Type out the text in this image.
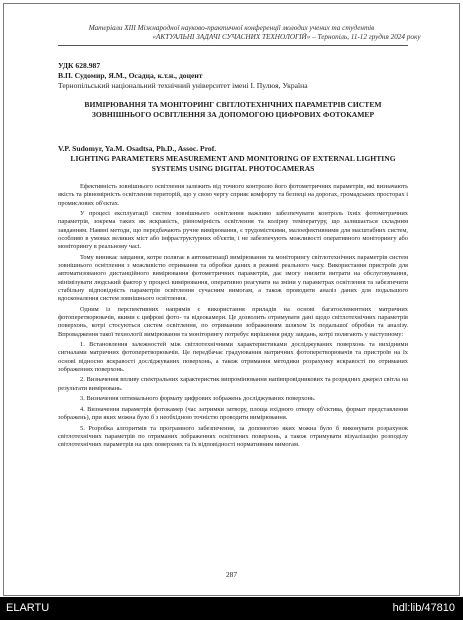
Матеріали XIII Міжнародної науково-практичної конференції молодих учених та студентів

«АКТУАЛЬНІ ЗАДАЧІ СУЧАСНИХ ТЕХНОЛОГІЙ» – Тернопіль, 11-12 грудня 2024 року
УДК 628.987
В.П. Судомир, Я.М., Осадца, к.т.н., доцент
Тернопільський національний технічний університет імені І. Пулюя, Україна
ВИМІРЮВАННЯ ТА МОНІТОРИНГ СВІТЛОТЕХНІЧНИХ ПАРАМЕТРІВ СИСТЕМ ЗОВНІШНЬОГО ОСВІТЛЕННЯ ЗА ДОПОМОГОЮ ЦИФРОВИХ ФОТОКАМЕР
V.P. Sudomyr, Ya.M. Osadtsa, Ph.D., Assoc. Prof.
LIGHTING PARAMETERS MEASUREMENT AND MONITORING OF EXTERNAL LIGHTING SYSTEMS USING DIGITAL PHOTOCAMERAS

Ефективність зовнішнього освітлення залежить від точного контролю його фотометричних параметрів, які визначають якість та рівномірність освітлення територій, що у свою чергу сприяє комфорту та безпеці на дорогах, громадських просторах і промислових об'єктах.

У процесі експлуатації систем зовнішнього освітлення важливо забезпечувати контроль їхніх фотометричних параметрів, зокрема таких як яскравість, рівномірність освітлення та колірну температуру, що залишається складним завданням. Наявні методи, що передбачають ручне вимірювання, є трудомісткими, малоефективними для масштабних систем, особливо в умовах великих міст або інфраструктурних об'єктів, і не забезпечують можливості оперативного моніторингу або моніторингу в реальному часі.

Тому виникає завдання, котре полягає в автоматизації вимірювання та моніторингу світлотехнічних параметрів систем зовнішнього освітлення з можливістю отримання та обробки даних в режимі реального часу. Використання пристроїв для автоматизованого дистанційного вимірювання фотометричних параметрів, дає змогу знизити витрати на обслуговування, мінімізувати людський фактор у процесі вимірювання, оперативно реагувати на зміни у параметрах освітлення та забезпечити стабільну відповідність параметрів освітлення сучасним вимогам, а також проводити аналіз даних для подальшого вдосконалення систем зовнішнього освітлення.

Одним із перспективних напрямів є використання приладів на основі багатоелементних матричних фотоперетворювачів, якими є цифрові фото- та відеокамери. Це дозволить отримувати дані щодо світлотехнічних параметрів поверхонь, котрі стосуються систем освітлення, по отриманим зображенням шляхом їх подальшої обробки та аналізу. Впровадження такої технології вимірювання та моніторингу потребує вирішення ряду завдань, котрі полягають у наступному:

1. Встановлення залежностей між світлотехнічними характеристиками досліджуваних поверхонь та вихідними сигналами матричних фотоперетворювачів. Це передбачає градуювання матричних фотоперетворювачів та пристроїв на їх основі відносно яскравості досліджуваних поверхонь, а також отримання методики розрахунку яскравості по отриманих зображеннях поверхонь.

2. Визначення впливу спектральних характеристик випромінювання напівпровідникових та розрядних джерел світла на результати вимірювань.

3. Визначення оптимального формату цифрових зображень досліджуваних поверхонь.

4. Визначення параметрів фотокамер (час затримки затвору, площа вхідного отвору об'єктива, формат представлення зображень), при яких можна було б з необхідною точністю проводити вимірювання.

5. Розробка алгоритмів та програмного забезпечення, за допомогою яких можна було б виконувати розрахунок світлотехнічних параметрів по отриманих зображеннях освітлених поверхонь, а також отримувати візуалізацію розподілу світлотехнічних параметрів на цих поверхнях та їх відповідності нормативним вимогам.

287
ELARTU	hdl:lib/47810
